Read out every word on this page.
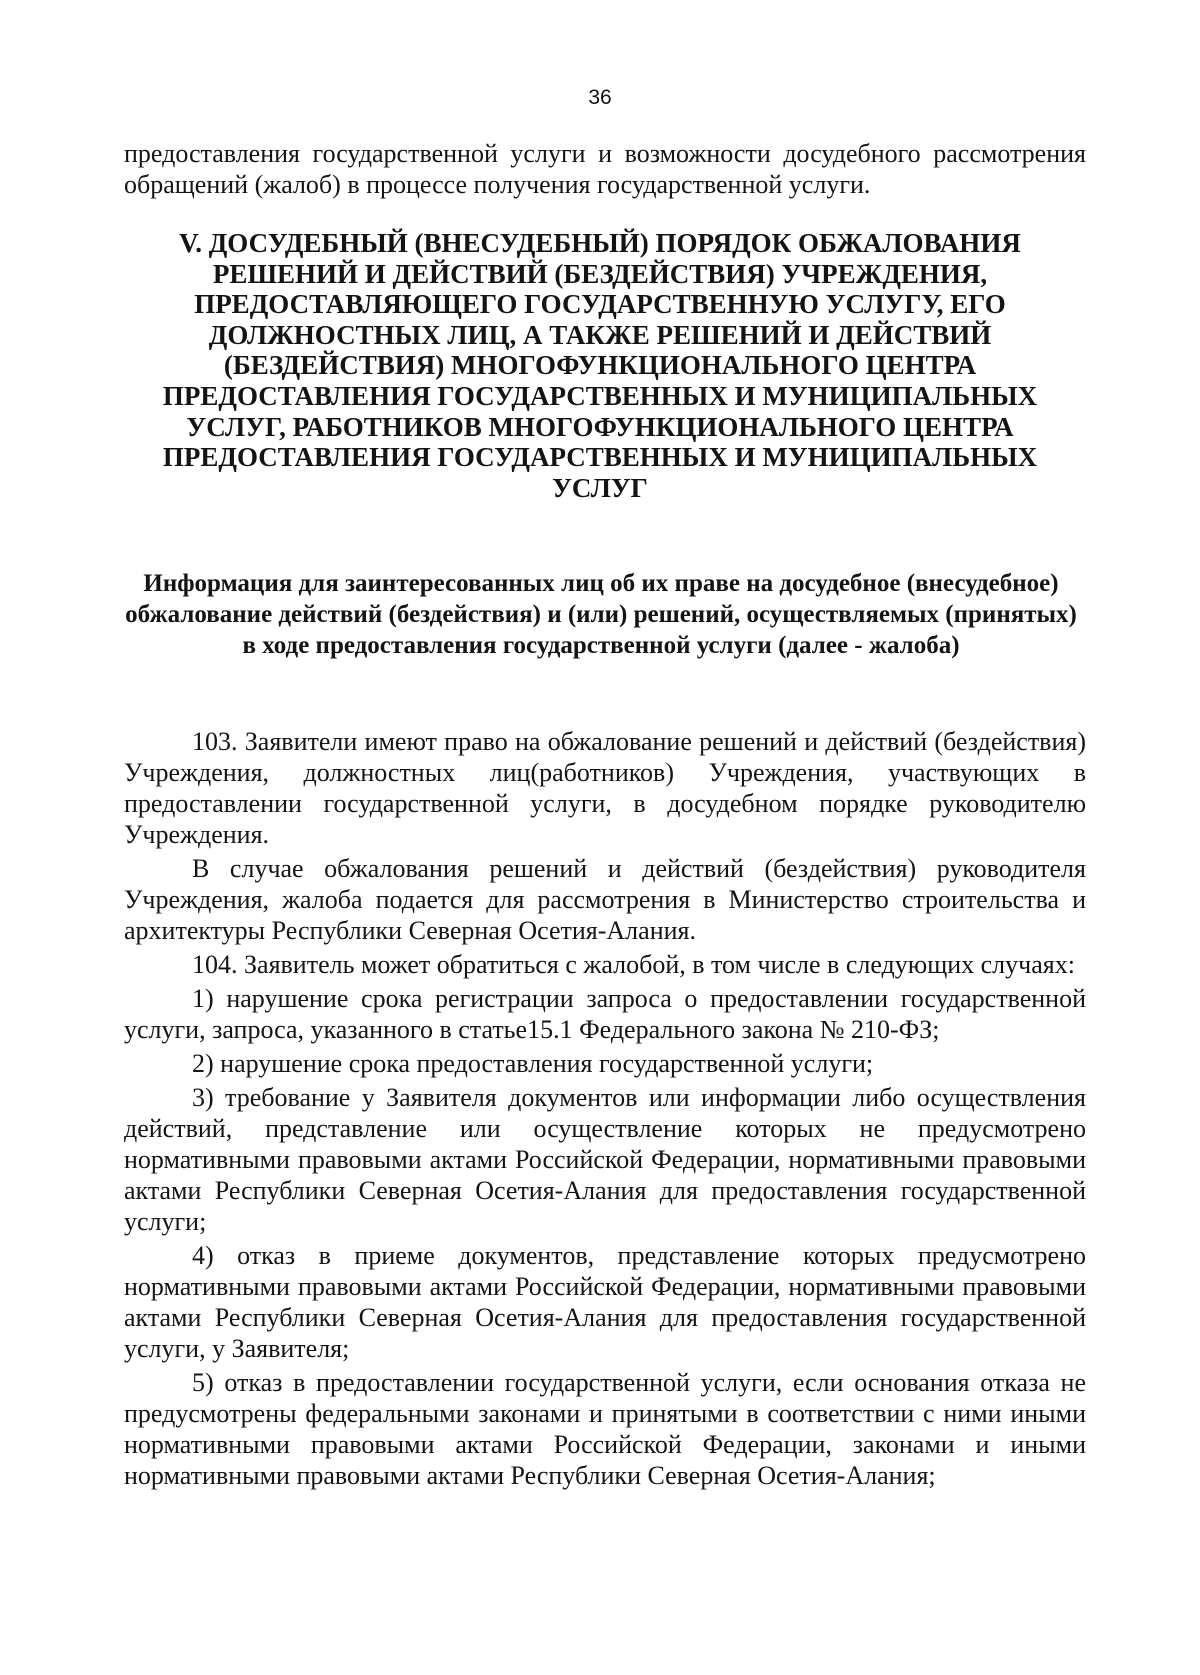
36

предоставления государственной услуги и возможности досудебного рассмотрения обращений (жалоб) в процессе получения государственной услуги.

V. ДОСУДЕБНЫЙ (ВНЕСУДЕБНЫЙ) ПОРЯДОК ОБЖАЛОВАНИЯ РЕШЕНИЙ И ДЕЙСТВИЙ (БЕЗДЕЙСТВИЯ) УЧРЕЖДЕНИЯ, ПРЕДОСТАВЛЯЮЩЕГО ГОСУДАРСТВЕННУЮ УСЛУГУ, ЕГО ДОЛЖНОСТНЫХ ЛИЦ, А ТАКЖЕ РЕШЕНИЙ И ДЕЙСТВИЙ (БЕЗДЕЙСТВИЯ) МНОГОФУНКЦИОНАЛЬНОГО ЦЕНТРА ПРЕДОСТАВЛЕНИЯ ГОСУДАРСТВЕННЫХ И МУНИЦИПАЛЬНЫХ УСЛУГ, РАБОТНИКОВ МНОГОФУНКЦИОНАЛЬНОГО ЦЕНТРА ПРЕДОСТАВЛЕНИЯ ГОСУДАРСТВЕННЫХ И МУНИЦИПАЛЬНЫХ УСЛУГ
Информация для заинтересованных лиц об их праве на досудебное (внесудебное) обжалование действий (бездействия) и (или) решений, осуществляемых (принятых) в ходе предоставления государственной услуги (далее - жалоба)

103. Заявители имеют право на обжалование решений и действий (бездействия) Учреждения, должностных лиц(работников) Учреждения, участвующих в предоставлении государственной услуги, в досудебном порядке руководителю Учреждения.

В случае обжалования решений и действий (бездействия) руководителя Учреждения, жалоба подается для рассмотрения в Министерство строительства и архитектуры Республики Северная Осетия-Алания.

104. Заявитель может обратиться с жалобой, в том числе в следующих случаях:

1) нарушение срока регистрации запроса о предоставлении государственной услуги, запроса, указанного в статье15.1 Федерального закона № 210-ФЗ;

2) нарушение срока предоставления государственной услуги;

3) требование у Заявителя документов или информации либо осуществления действий, представление или осуществление которых не предусмотрено нормативными правовыми актами Российской Федерации, нормативными правовыми актами Республики Северная Осетия-Алания для предоставления государственной услуги;

4) отказ в приеме документов, представление которых предусмотрено нормативными правовыми актами Российской Федерации, нормативными правовыми актами Республики Северная Осетия-Алания для предоставления государственной услуги, у Заявителя;

5) отказ в предоставлении государственной услуги, если основания отказа не предусмотрены федеральными законами и принятыми в соответствии с ними иными нормативными правовыми актами Российской Федерации, законами и иными нормативными правовыми актами Республики Северная Осетия-Алания;
